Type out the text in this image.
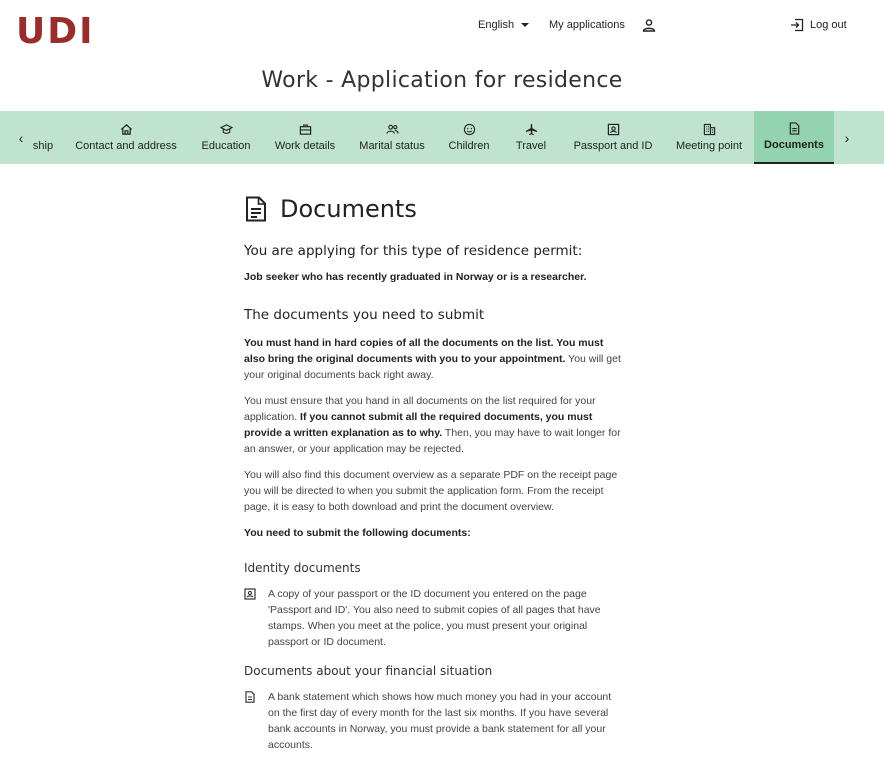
UDI	English	My applications	Log out
Work - Application for residence
‹ ship Contact and address Education Work details Marital status Children Travel Passport and ID Meeting point Documents	›
Documents
You are applying for this type of residence permit:
Job seeker who has recently graduated in Norway or is a researcher.
The documents you need to submit

You must hand in hard copies of all the documents on the list. You must also bring the original documents with you to your appointment. You will get your original documents back right away.

You must ensure that you hand in all documents on the list required for your application. If you cannot submit all the required documents, you must provide a written explanation as to why. Then, you may have to wait longer for an answer, or your application may be rejected.

You will also find this document overview as a separate PDF on the receipt page you will be directed to when you submit the application form. From the receipt page, it is easy to both download and print the document overview.

You need to submit the following documents:

Identity documents

A copy of your passport or the ID document you entered on the page 'Passport and ID'. You also need to submit copies of all pages that have stamps. When you meet at the police, you must present your original passport or ID document.

Documents about your financial situation

A bank statement which shows how much money you had in your account on the first day of every month for the last six months. If you have several bank accounts in Norway, you must provide a bank statement for all your accounts.
